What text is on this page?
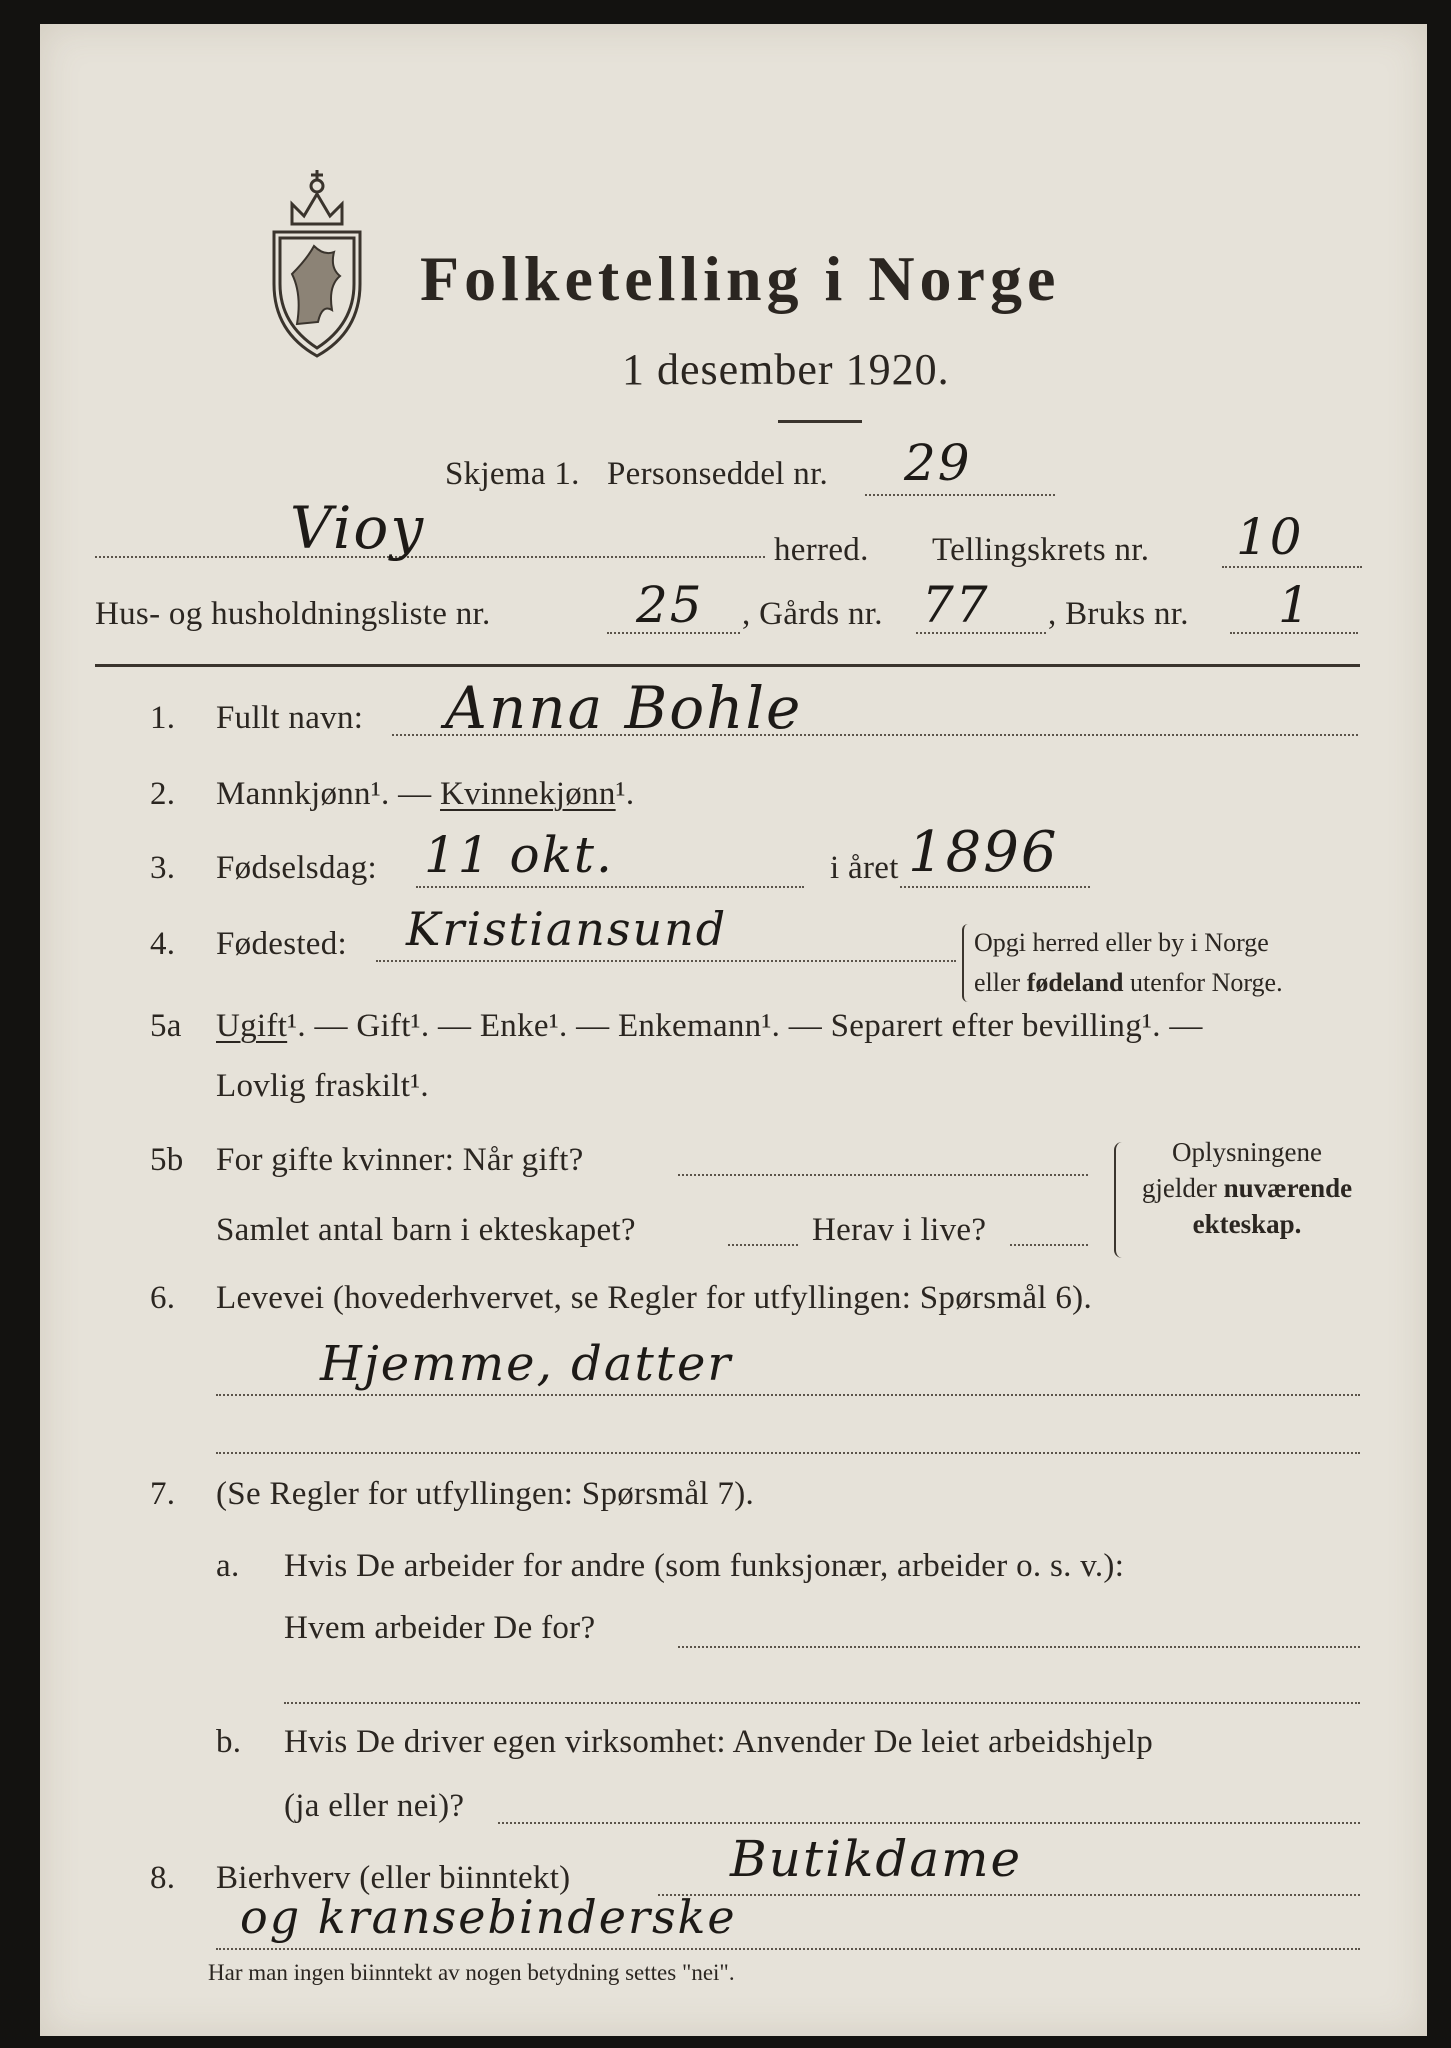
Folketelling i Norge
1 desember 1920.
Skjema 1. Personseddel nr. 29
Vioy	herred. Tellingskrets nr. 10
Hus- og husholdningsliste nr.	25 , Gårds nr. 77 , Bruks nr. 1
1. Fullt navn: Anna Bohle
2. Mannkjønn¹. — Kvinnekjønn¹.
3. Fødselsdag: 11 okt.	i året 1896
4. Fødested: Kristiansund	Opgi herred eller by i Norge
eller fødeland utenfor Norge.
5a Ugift¹. — Gift¹. — Enke¹. — Enkemann¹. — Separert efter bevilling¹. —
Lovlig fraskilt¹.
5b For gifte kvinner: Når gift?
Samlet antal barn i ekteskapet?	Herav i live?
Oplysningene
gjelder nuværende
ekteskap.
6. Levevei (hovederhvervet, se Regler for utfyllingen: Spørsmål 6).
Hjemme, datter
7. (Se Regler for utfyllingen: Spørsmål 7).
a. Hvis De arbeider for andre (som funksjonær, arbeider o. s. v.):
Hvem arbeider De for?
b. Hvis De driver egen virksomhet: Anvender De leiet arbeidshjelp
(ja eller nei)?
8. Bierhverv (eller biinntekt)	Butikdame
og kransebinderske
Har man ingen biinntekt av nogen betydning settes "nei".
